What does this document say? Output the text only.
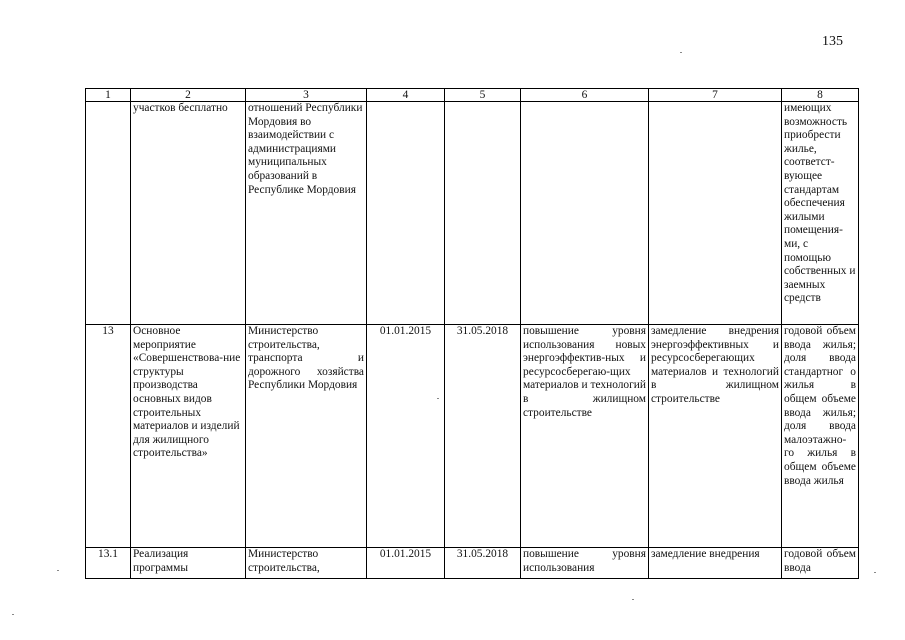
135
1	2	3	4	5	6	7	8
	участков бесплатно	отношений Республики Мордовия во взаимодействии с администрациями муниципальных образований в Республике Мордовия					имеющих возможность приобрести жилье, соответст-вующее стандартам обеспечения жилыми помещения-ми, с помощью собственных и заемных средств
13	Основное мероприятие «Совершенствова-ние структуры производства основных видов строительных материалов и изделий для жилищного строительства»	Министерство строительства, транспорта и дорожного хозяйства Республики Мордовия	01.01.2015	31.05.2018	повышение уровня использования новых энергоэффектив-ных и ресурсосберегаю-щих материалов и технологий в жилищном строительстве	замедление внедрения энергоэффективных и ресурсосберегающих материалов и технологий в жилищном строительстве	годовой объем ввода жилья; доля ввода стандартног о жилья в общем объеме ввода жилья; доля ввода малоэтажно-го жилья в общем объеме ввода жилья
13.1	Реализация программы	Министерство строительства,	01.01.2015	31.05.2018	повышение уровня использования	замедление внедрения	годовой объем ввода
